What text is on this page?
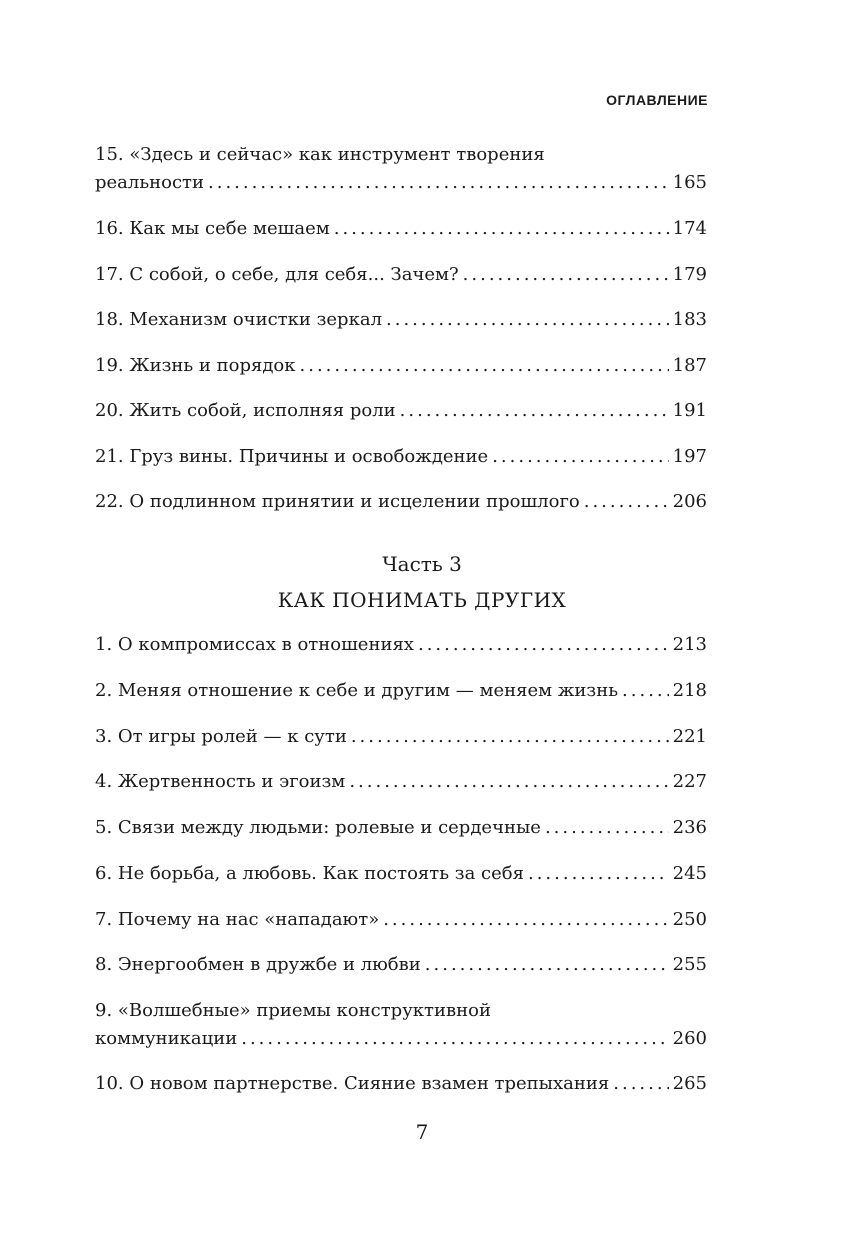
ОГЛАВЛЕНИЕ
15. «Здесь и сейчас» как инструмент творения
реальности .....	165
16. Как мы себе мешаем .....	174
17. С собой, о себе, для себя... Зачем? .....	179
18. Механизм очистки зеркал .....	183
19. Жизнь и порядок .....	187
20. Жить собой, исполняя роли .....	191
21. Груз вины. Причины и освобождение .....	197
22. О подлинном принятии и исцелении прошлого .....	206
Часть 3
КАК ПОНИМАТЬ ДРУГИХ
1. О компромиссах в отношениях .....	213
2. Меняя отношение к себе и другим — меняем жизнь .....	218
3. От игры ролей — к сути .....	221
4. Жертвенность и эгоизм .....	227
5. Связи между людьми: ролевые и сердечные .....	236
6. Не борьба, а любовь. Как постоять за себя .....	245
7. Почему на нас «нападают» .....	250
8. Энергообмен в дружбе и любви .....	255
9. «Волшебные» приемы конструктивной
коммуникации .....	260
10. О новом партнерстве. Сияние взамен трепыхания .....	265
7
